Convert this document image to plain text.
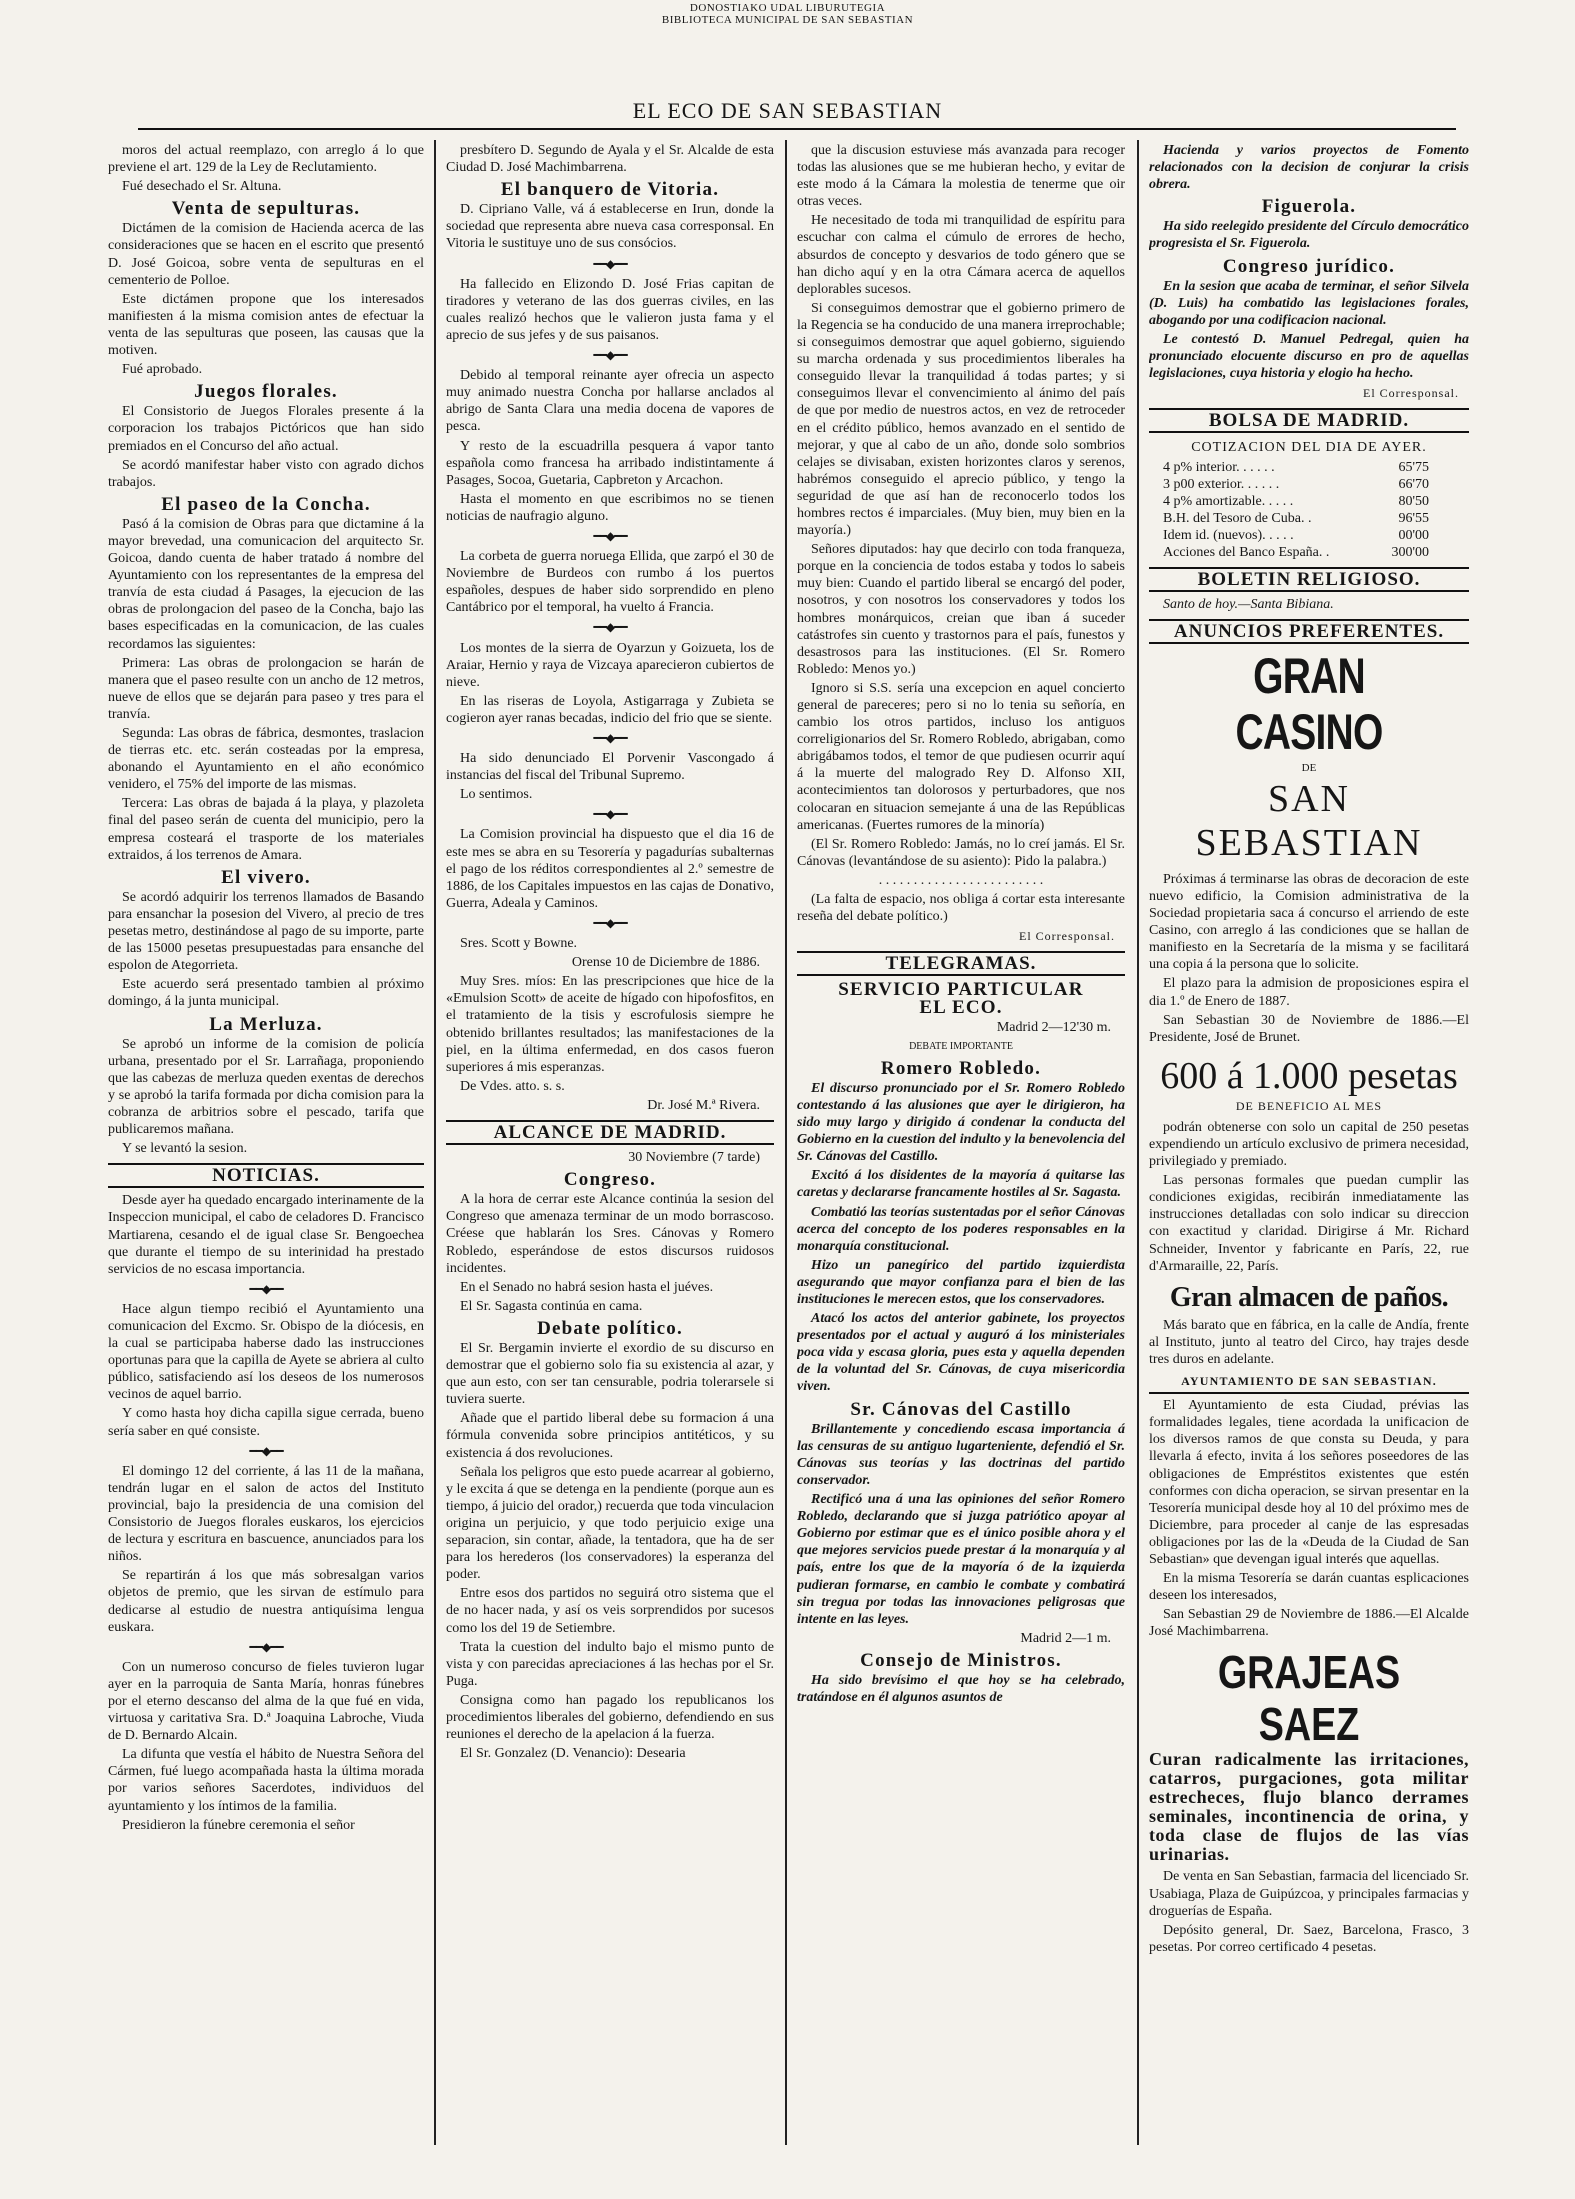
DONOSTIAKO UDAL LIBURUTEGIA
BIBLIOTECA MUNICIPAL DE SAN SEBASTIAN
EL ECO DE SAN SEBASTIAN

moros del actual reemplazo, con arreglo á lo que previene el art. 129 de la Ley de Reclutamiento.

Fué desechado el Sr. Altuna.

Venta de sepulturas.

Dictámen de la comision de Hacienda acerca de las consideraciones que se hacen en el escrito que presentó D. José Goicoa, sobre venta de sepulturas en el cementerio de Polloe.

Este dictámen propone que los interesados manifiesten á la misma comision antes de efectuar la venta de las sepulturas que poseen, las causas que la motiven.

Fué aprobado.

Juegos florales.

El Consistorio de Juegos Florales presente á la corporacion los trabajos Pictóricos que han sido premiados en el Concurso del año actual.

Se acordó manifestar haber visto con agrado dichos trabajos.

El paseo de la Concha.

Pasó á la comision de Obras para que dictamine á la mayor brevedad, una comunicacion del arquitecto Sr. Goicoa, dando cuenta de haber tratado á nombre del Ayuntamiento con los representantes de la empresa del tranvía de esta ciudad á Pasages, la ejecucion de las obras de prolongacion del paseo de la Concha, bajo las bases especificadas en la comunicacion, de las cuales recordamos las siguientes:

Primera: Las obras de prolongacion se harán de manera que el paseo resulte con un ancho de 12 metros, nueve de ellos que se dejarán para paseo y tres para el tranvía.

Segunda: Las obras de fábrica, desmontes, traslacion de tierras etc. etc. serán costeadas por la empresa, abonando el Ayuntamiento en el año económico venidero, el 75% del importe de las mismas.

Tercera: Las obras de bajada á la playa, y plazoleta final del paseo serán de cuenta del municipio, pero la empresa costeará el trasporte de los materiales extraidos, á los terrenos de Amara.

El vivero.

Se acordó adquirir los terrenos llamados de Basando para ensanchar la posesion del Vivero, al precio de tres pesetas metro, destinándose al pago de su importe, parte de las 15000 pesetas presupuestadas para ensanche del espolon de Ategorrieta.

Este acuerdo será presentado tambien al próximo domingo, á la junta municipal.

La Merluza.

Se aprobó un informe de la comision de policía urbana, presentado por el Sr. Larrañaga, proponiendo que las cabezas de merluza queden exentas de derechos y se aprobó la tarifa formada por dicha comision para la cobranza de arbitrios sobre el pescado, tarifa que publicaremos mañana.

Y se levantó la sesion.

NOTICIAS.

Desde ayer ha quedado encargado interinamente de la Inspeccion municipal, el cabo de celadores D. Francisco Martiarena, cesando el de igual clase Sr. Bengoechea que durante el tiempo de su interinidad ha prestado servicios de no escasa importancia.

━━◆━━

Hace algun tiempo recibió el Ayuntamiento una comunicacion del Excmo. Sr. Obispo de la diócesis, en la cual se participaba haberse dado las instrucciones oportunas para que la capilla de Ayete se abriera al culto público, satisfaciendo así los deseos de los numerosos vecinos de aquel barrio.

Y como hasta hoy dicha capilla sigue cerrada, bueno sería saber en qué consiste.

━━◆━━

El domingo 12 del corriente, á las 11 de la mañana, tendrán lugar en el salon de actos del Instituto provincial, bajo la presidencia de una comision del Consistorio de Juegos florales euskaros, los ejercicios de lectura y escritura en bascuence, anunciados para los niños.

Se repartirán á los que más sobresalgan varios objetos de premio, que les sirvan de estímulo para dedicarse al estudio de nuestra antiquísima lengua euskara.

━━◆━━

Con un numeroso concurso de fieles tuvieron lugar ayer en la parroquia de Santa María, honras fúnebres por el eterno descanso del alma de la que fué en vida, virtuosa y caritativa Sra. D.ª Joaquina Labroche, Viuda de D. Bernardo Alcain.

La difunta que vestía el hábito de Nuestra Señora del Cármen, fué luego acompañada hasta la última morada por varios señores Sacerdotes, individuos del ayuntamiento y los íntimos de la familia.

Presidieron la fúnebre ceremonia el señor

presbítero D. Segundo de Ayala y el Sr. Alcalde de esta Ciudad D. José Machimbarrena.

El banquero de Vitoria.

D. Cipriano Valle, vá á establecerse en Irun, donde la sociedad que representa abre nueva casa corresponsal. En Vitoria le sustituye uno de sus consócios.

━━◆━━

Ha fallecido en Elizondo D. José Frias capitan de tiradores y veterano de las dos guerras civiles, en las cuales realizó hechos que le valieron justa fama y el aprecio de sus jefes y de sus paisanos.

━━◆━━

Debido al temporal reinante ayer ofrecia un aspecto muy animado nuestra Concha por hallarse anclados al abrigo de Santa Clara una media docena de vapores de pesca.

Y resto de la escuadrilla pesquera á vapor tanto española como francesa ha arribado indistintamente á Pasages, Socoa, Guetaria, Capbreton y Arcachon.

Hasta el momento en que escribimos no se tienen noticias de naufragio alguno.

━━◆━━

La corbeta de guerra noruega Ellida, que zarpó el 30 de Noviembre de Burdeos con rumbo á los puertos españoles, despues de haber sido sorprendido en pleno Cantábrico por el temporal, ha vuelto á Francia.

━━◆━━

Los montes de la sierra de Oyarzun y Goizueta, los de Araiar, Hernio y raya de Vizcaya aparecieron cubiertos de nieve.

En las riseras de Loyola, Astigarraga y Zubieta se cogieron ayer ranas becadas, indicio del frio que se siente.

━━◆━━

Ha sido denunciado El Porvenir Vascongado á instancias del fiscal del Tribunal Supremo.

Lo sentimos.

━━◆━━

La Comision provincial ha dispuesto que el dia 16 de este mes se abra en su Tesorería y pagadurías subalternas el pago de los réditos correspondientes al 2.º semestre de 1886, de los Capitales impuestos en las cajas de Donativo, Guerra, Adeala y Caminos.

━━◆━━

Sres. Scott y Bowne.

Orense 10 de Diciembre de 1886.

Muy Sres. míos: En las prescripciones que hice de la «Emulsion Scott» de aceite de hígado con hipofosfitos, en el tratamiento de la tisis y escrofulosis siempre he obtenido brillantes resultados; las manifestaciones de la piel, en la última enfermedad, en dos casos fueron superiores á mis esperanzas.

De Vdes. atto. s. s.

Dr. José M.ª Rivera.

ALCANCE DE MADRID.

30 Noviembre (7 tarde)

Congreso.

A la hora de cerrar este Alcance continúa la sesion del Congreso que amenaza terminar de un modo borrascoso. Créese que hablarán los Sres. Cánovas y Romero Robledo, esperándose de estos discursos ruidosos incidentes.

En el Senado no habrá sesion hasta el juéves.

El Sr. Sagasta continúa en cama.

Debate político.

El Sr. Bergamin invierte el exordio de su discurso en demostrar que el gobierno solo fia su existencia al azar, y que aun esto, con ser tan censurable, podria tolerarsele si tuviera suerte.

Añade que el partido liberal debe su formacion á una fórmula convenida sobre principios antitéticos, y su existencia á dos revoluciones.

Señala los peligros que esto puede acarrear al gobierno, y le excita á que se detenga en la pendiente (porque aun es tiempo, á juicio del orador,) recuerda que toda vinculacion origina un perjuicio, y que todo perjuicio exige una separacion, sin contar, añade, la tentadora, que ha de ser para los herederos (los conservadores) la esperanza del poder.

Entre esos dos partidos no seguirá otro sistema que el de no hacer nada, y así os veis sorprendidos por sucesos como los del 19 de Setiembre.

Trata la cuestion del indulto bajo el mismo punto de vista y con parecidas apreciaciones á las hechas por el Sr. Puga.

Consigna como han pagado los republicanos los procedimientos liberales del gobierno, defendiendo en sus reuniones el derecho de la apelacion á la fuerza.

El Sr. Gonzalez (D. Venancio): Desearia

que la discusion estuviese más avanzada para recoger todas las alusiones que se me hubieran hecho, y evitar de este modo á la Cámara la molestia de tenerme que oir otras veces.

He necesitado de toda mi tranquilidad de espíritu para escuchar con calma el cúmulo de errores de hecho, absurdos de concepto y desvarios de todo género que se han dicho aquí y en la otra Cámara acerca de aquellos deplorables sucesos.

Si conseguimos demostrar que el gobierno primero de la Regencia se ha conducido de una manera irreprochable; si conseguimos demostrar que aquel gobierno, siguiendo su marcha ordenada y sus procedimientos liberales ha conseguido llevar la tranquilidad á todas partes; y si conseguimos llevar el convencimiento al ánimo del país de que por medio de nuestros actos, en vez de retroceder en el crédito público, hemos avanzado en el sentido de mejorar, y que al cabo de un año, donde solo sombrios celajes se divisaban, existen horizontes claros y serenos, habrémos conseguido el aprecio público, y tengo la seguridad de que así han de reconocerlo todos los hombres rectos é imparciales. (Muy bien, muy bien en la mayoría.)

Señores diputados: hay que decirlo con toda franqueza, porque en la conciencia de todos estaba y todos lo sabeis muy bien: Cuando el partido liberal se encargó del poder, nosotros, y con nosotros los conservadores y todos los hombres monárquicos, creian que iban á suceder catástrofes sin cuento y trastornos para el país, funestos y desastrosos para las instituciones. (El Sr. Romero Robledo: Menos yo.)

Ignoro si S.S. sería una excepcion en aquel concierto general de pareceres; pero si no lo tenia su señoría, en cambio los otros partidos, incluso los antiguos correligionarios del Sr. Romero Robledo, abrigaban, como abrigábamos todos, el temor de que pudiesen ocurrir aquí á la muerte del malogrado Rey D. Alfonso XII, acontecimientos tan dolorosos y perturbadores, que nos colocaran en situacion semejante á una de las Repúblicas americanas. (Fuertes rumores de la minoría)

(El Sr. Romero Robledo: Jamás, no lo creí jamás. El Sr. Cánovas (levantándose de su asiento): Pido la palabra.)

. . . . . . . . . . . . . . . . . . . . . . . .

(La falta de espacio, nos obliga á cortar esta interesante reseña del debate político.)

El Corresponsal.
TELEGRAMAS.
SERVICIO PARTICULAR
EL ECO.

Madrid 2—12'30 m.

DEBATE IMPORTANTE

Romero Robledo.

El discurso pronunciado por el Sr. Romero Robledo contestando á las alusiones que ayer le dirigieron, ha sido muy largo y dirigido á condenar la conducta del Gobierno en la cuestion del indulto y la benevolencia del Sr. Cánovas del Castillo.

Excitó á los disidentes de la mayoría á quitarse las caretas y declararse francamente hostiles al Sr. Sagasta.

Combatió las teorías sustentadas por el señor Cánovas acerca del concepto de los poderes responsables en la monarquía constitucional.

Hizo un panegírico del partido izquierdista asegurando que mayor confianza para el bien de las instituciones le merecen estos, que los conservadores.

Atacó los actos del anterior gabinete, los proyectos presentados por el actual y auguró á los ministeriales poca vida y escasa gloria, pues esta y aquella dependen de la voluntad del Sr. Cánovas, de cuya misericordia viven.

Sr. Cánovas del Castillo

Brillantemente y concediendo escasa importancia á las censuras de su antiguo lugarteniente, defendió el Sr. Cánovas sus teorías y las doctrinas del partido conservador.

Rectificó una á una las opiniones del señor Romero Robledo, declarando que si juzga patriótico apoyar al Gobierno por estimar que es el único posible ahora y el que mejores servicios puede prestar á la monarquía y al país, entre los que de la mayoría ó de la izquierda pudieran formarse, en cambio le combate y combatirá sin tregua por todas las innovaciones peligrosas que intente en las leyes.

Madrid 2—1 m.

Consejo de Ministros.

Ha sido brevísimo el que hoy se ha celebrado, tratándose en él algunos asuntos de

Hacienda y varios proyectos de Fomento relacionados con la decision de conjurar la crisis obrera.

Figuerola.

Ha sido reelegido presidente del Círculo democrático progresista el Sr. Figuerola.

Congreso jurídico.

En la sesion que acaba de terminar, el señor Silvela (D. Luis) ha combatido las legislaciones forales, abogando por una codificacion nacional.

Le contestó D. Manuel Pedregal, quien ha pronunciado elocuente discurso en pro de aquellas legislaciones, cuya historia y elogio ha hecho.

El Corresponsal.
BOLSA DE MADRID.
COTIZACION DEL DIA DE AYER.
4 p% interior. . . . . .	65'75
3 p00 exterior. . . . . .	66'70
4 p% amortizable. . . . .	80'50
B.H. del Tesoro de Cuba. .	96'55
Idem id. (nuevos). . . . .	00'00
Acciones del Banco España. .	300'00
BOLETIN RELIGIOSO.

Santo de hoy.—Santa Bibiana.

ANUNCIOS PREFERENTES.
GRAN CASINO
DE
SAN SEBASTIAN

Próximas á terminarse las obras de decoracion de este nuevo edificio, la Comision administrativa de la Sociedad propietaria saca á concurso el arriendo de este Casino, con arreglo á las condiciones que se hallan de manifiesto en la Secretaría de la misma y se facilitará una copia á la persona que lo solicite.

El plazo para la admision de proposiciones espira el dia 1.º de Enero de 1887.

San Sebastian 30 de Noviembre de 1886.—El Presidente, José de Brunet.

600 á 1.000 pesetas
DE BENEFICIO AL MES

podrán obtenerse con solo un capital de 250 pesetas expendiendo un artículo exclusivo de primera necesidad, privilegiado y premiado.

Las personas formales que puedan cumplir las condiciones exigidas, recibirán inmediatamente las instrucciones detalladas con solo indicar su direccion con exactitud y claridad. Dirigirse á Mr. Richard Schneider, Inventor y fabricante en París, 22, rue d'Armaraille, 22, París.

Gran almacen de paños.

Más barato que en fábrica, en la calle de Andía, frente al Instituto, junto al teatro del Circo, hay trajes desde tres duros en adelante.

AYUNTAMIENTO DE SAN SEBASTIAN.

El Ayuntamiento de esta Ciudad, prévias las formalidades legales, tiene acordada la unificacion de los diversos ramos de que consta su Deuda, y para llevarla á efecto, invita á los señores poseedores de las obligaciones de Empréstitos existentes que estén conformes con dicha operacion, se sirvan presentar en la Tesorería municipal desde hoy al 10 del próximo mes de Diciembre, para proceder al canje de las espresadas obligaciones por las de la «Deuda de la Ciudad de San Sebastian» que devengan igual interés que aquellas.

En la misma Tesorería se darán cuantas esplicaciones deseen los interesados,

San Sebastian 29 de Noviembre de 1886.—El Alcalde José Machimbarrena.

GRAJEAS SAEZ
Curan radicalmente las irritaciones, catarros, purgaciones, gota militar estrecheces, flujo blanco derrames seminales, incontinencia de orina, y toda clase de flujos de las vías urinarias.

De venta en San Sebastian, farmacia del licenciado Sr. Usabiaga, Plaza de Guipúzcoa, y principales farmacias y droguerías de España.

Depósito general, Dr. Saez, Barcelona, Frasco, 3 pesetas. Por correo certificado 4 pesetas.
